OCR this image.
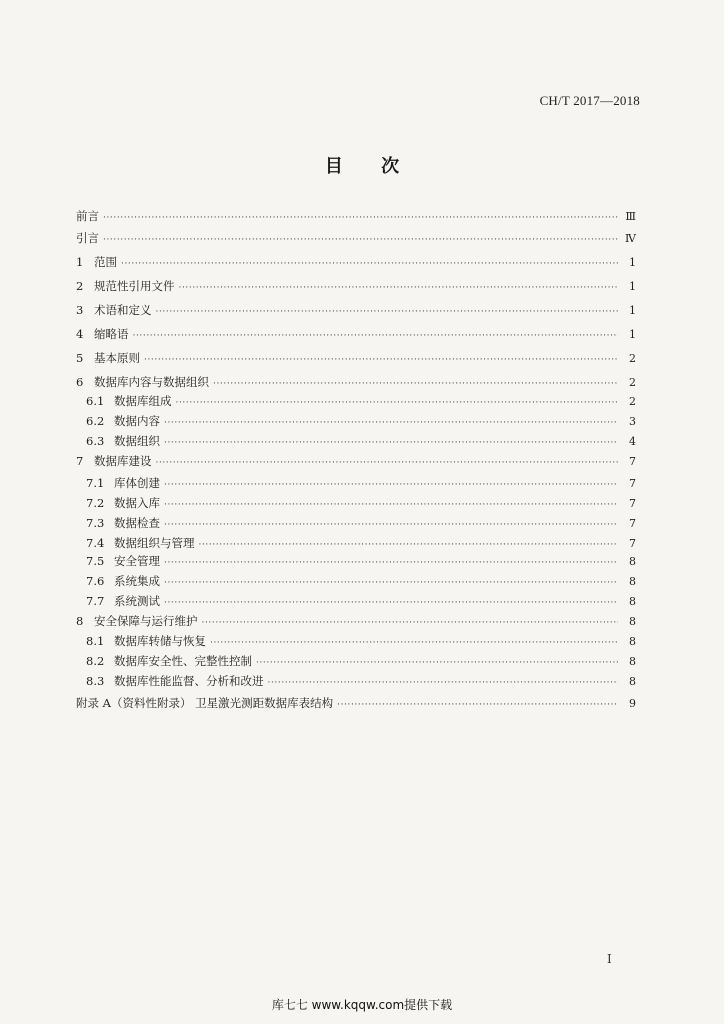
CH/T 2017—2018
目 次
前言 ·····	Ⅲ
引言 ·····	Ⅳ
1 范围 ·····	1
2 规范性引用文件 ·····	1
3 术语和定义 ·····	1
4 缩略语 ·····	1
5 基本原则 ·····	2
6 数据库内容与数据组织 ·····	2
6.1 数据库组成 ·····	2
6.2 数据内容 ·····	3
6.3 数据组织 ·····	4
7 数据库建设 ·····	7
7.1 库体创建 ·····	7
7.2 数据入库 ·····	7
7.3 数据检查 ·····	7
7.4 数据组织与管理 ·····	7
7.5 安全管理 ·····	8
7.6 系统集成 ·····	8
7.7 系统测试 ·····	8
8 安全保障与运行维护 ·····	8
8.1 数据库转储与恢复 ·····	8
8.2 数据库安全性、完整性控制 ·····	8
8.3 数据库性能监督、分析和改进 ·····	8
附录 A（资料性附录） 卫星激光测距数据库表结构 ·····	9
Ⅰ
库七七 www.kqqw.com提供下载
